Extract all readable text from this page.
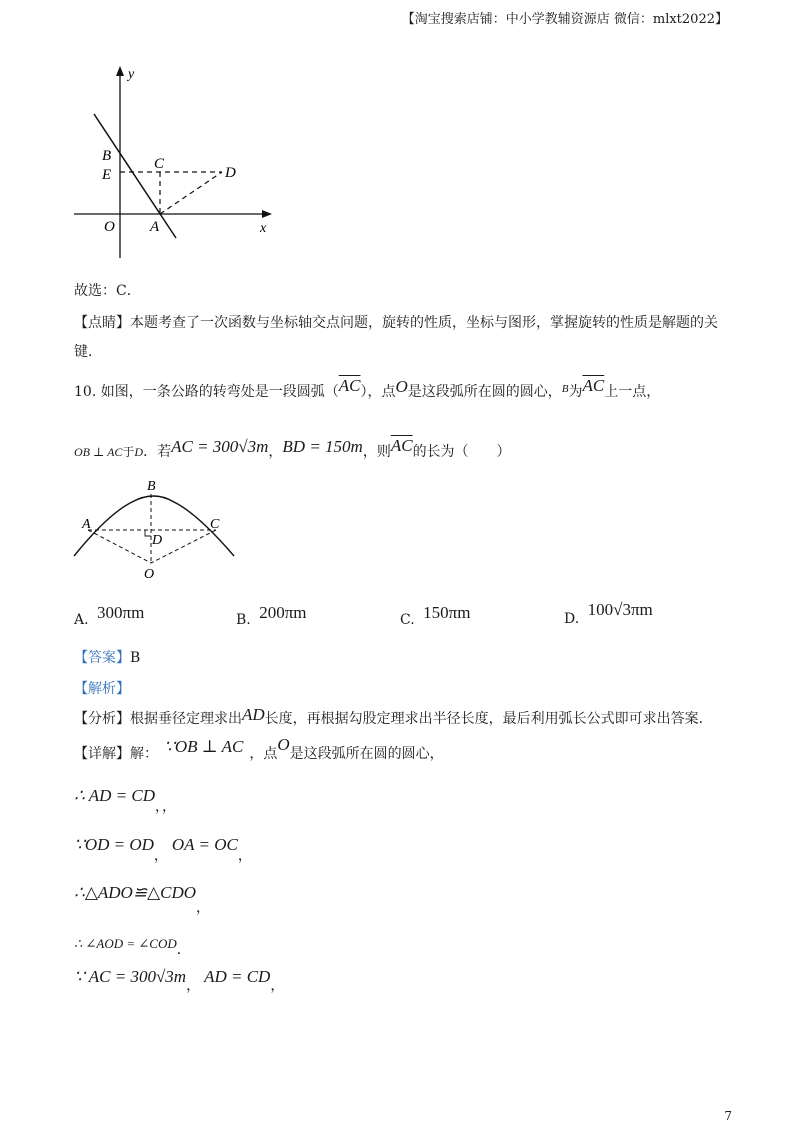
【淘宝搜索店铺：中小学教辅资源店 微信：mlxt2022】
y
B	C
E	D
O A	x
故选：C．
【点睛】本题考查了一次函数与坐标轴交点问题，旋转的性质，坐标与图形，掌握旋转的性质是解题的关
键．
10. 如图，一条公路的转弯处是一段圆弧$(\overline{AC})$，点O是这段弧所在圆的圆心，$^B$为$\overline{AC}$上一点，
OB ⊥ AC于D．若AC = 300√3m，BD = 150m，则$\overline{AC}$的长为（　　）
B
A	C
D
O
A. 300πm	B. 200πm	C. 150πm	D. 100√3πm
【答案】B
【解析】
【分析】根据垂径定理求出AD长度，再根据勾股定理求出半径长度，最后利用弧长公式即可求出答案．
【详解】解： ∵OB ⊥ AC ，点O是这段弧所在圆的圆心，
∴ AD = CD，，
∵OD = OD，OA = OC，
∴△ADO≌△CDO，
∴ ∠AOD = ∠COD．
∵ AC = 300√3m， AD = CD，
7
